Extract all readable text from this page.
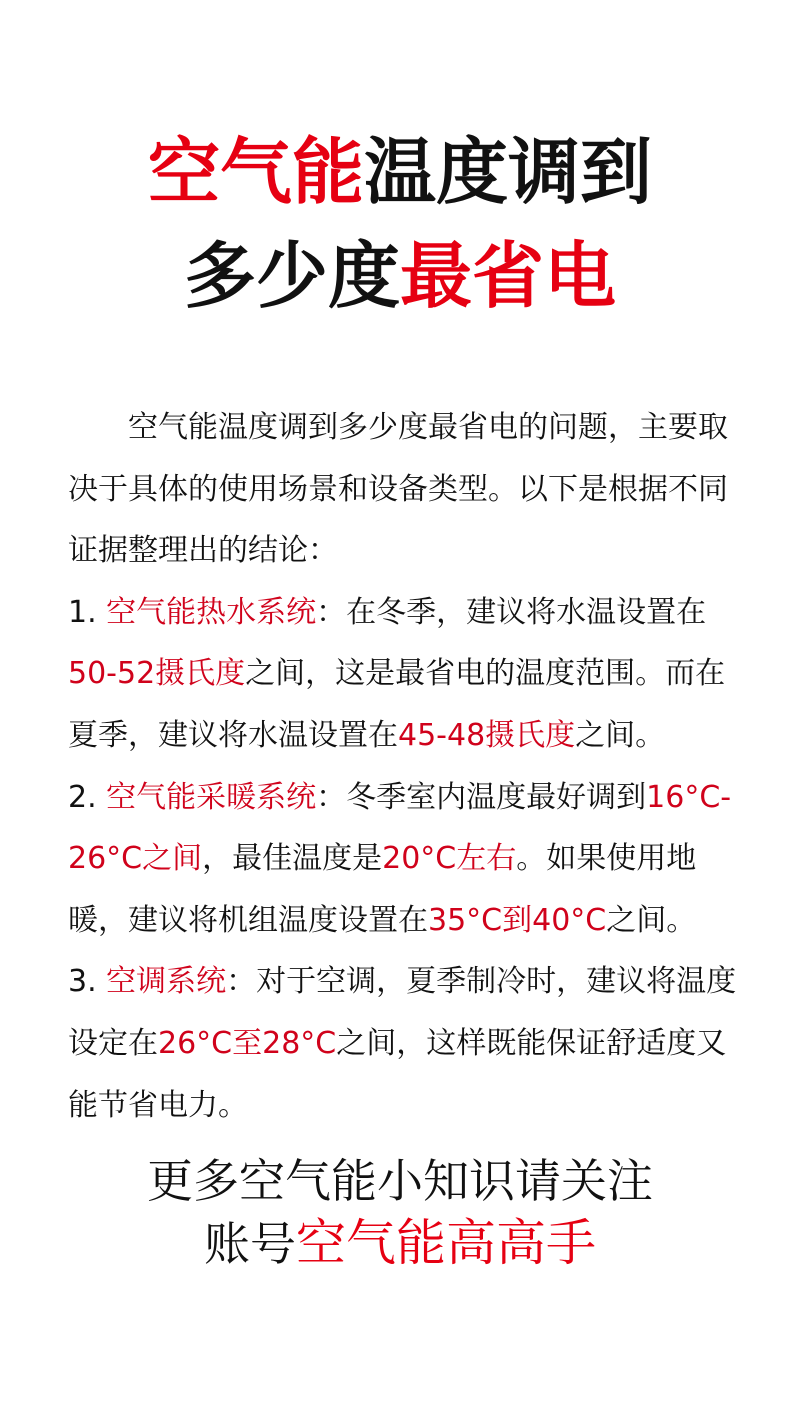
空气能温度调到
多少度最省电

空气能温度调到多少度最省电的问题，主要取决于具体的使用场景和设备类型。以下是根据不同证据整理出的结论：

1. 空气能热水系统：在冬季，建议将水温设置在50-52摄氏度之间，这是最省电的温度范围。而在夏季，建议将水温设置在45-48摄氏度之间。

2. 空气能采暖系统：冬季室内温度最好调到16°C-26°C之间，最佳温度是20°C左右。如果使用地暖，建议将机组温度设置在35°C到40°C之间。

3. 空调系统：对于空调，夏季制冷时，建议将温度设定在26°C至28°C之间，这样既能保证舒适度又能节省电力。

更多空气能小知识请关注
账号空气能高高手
